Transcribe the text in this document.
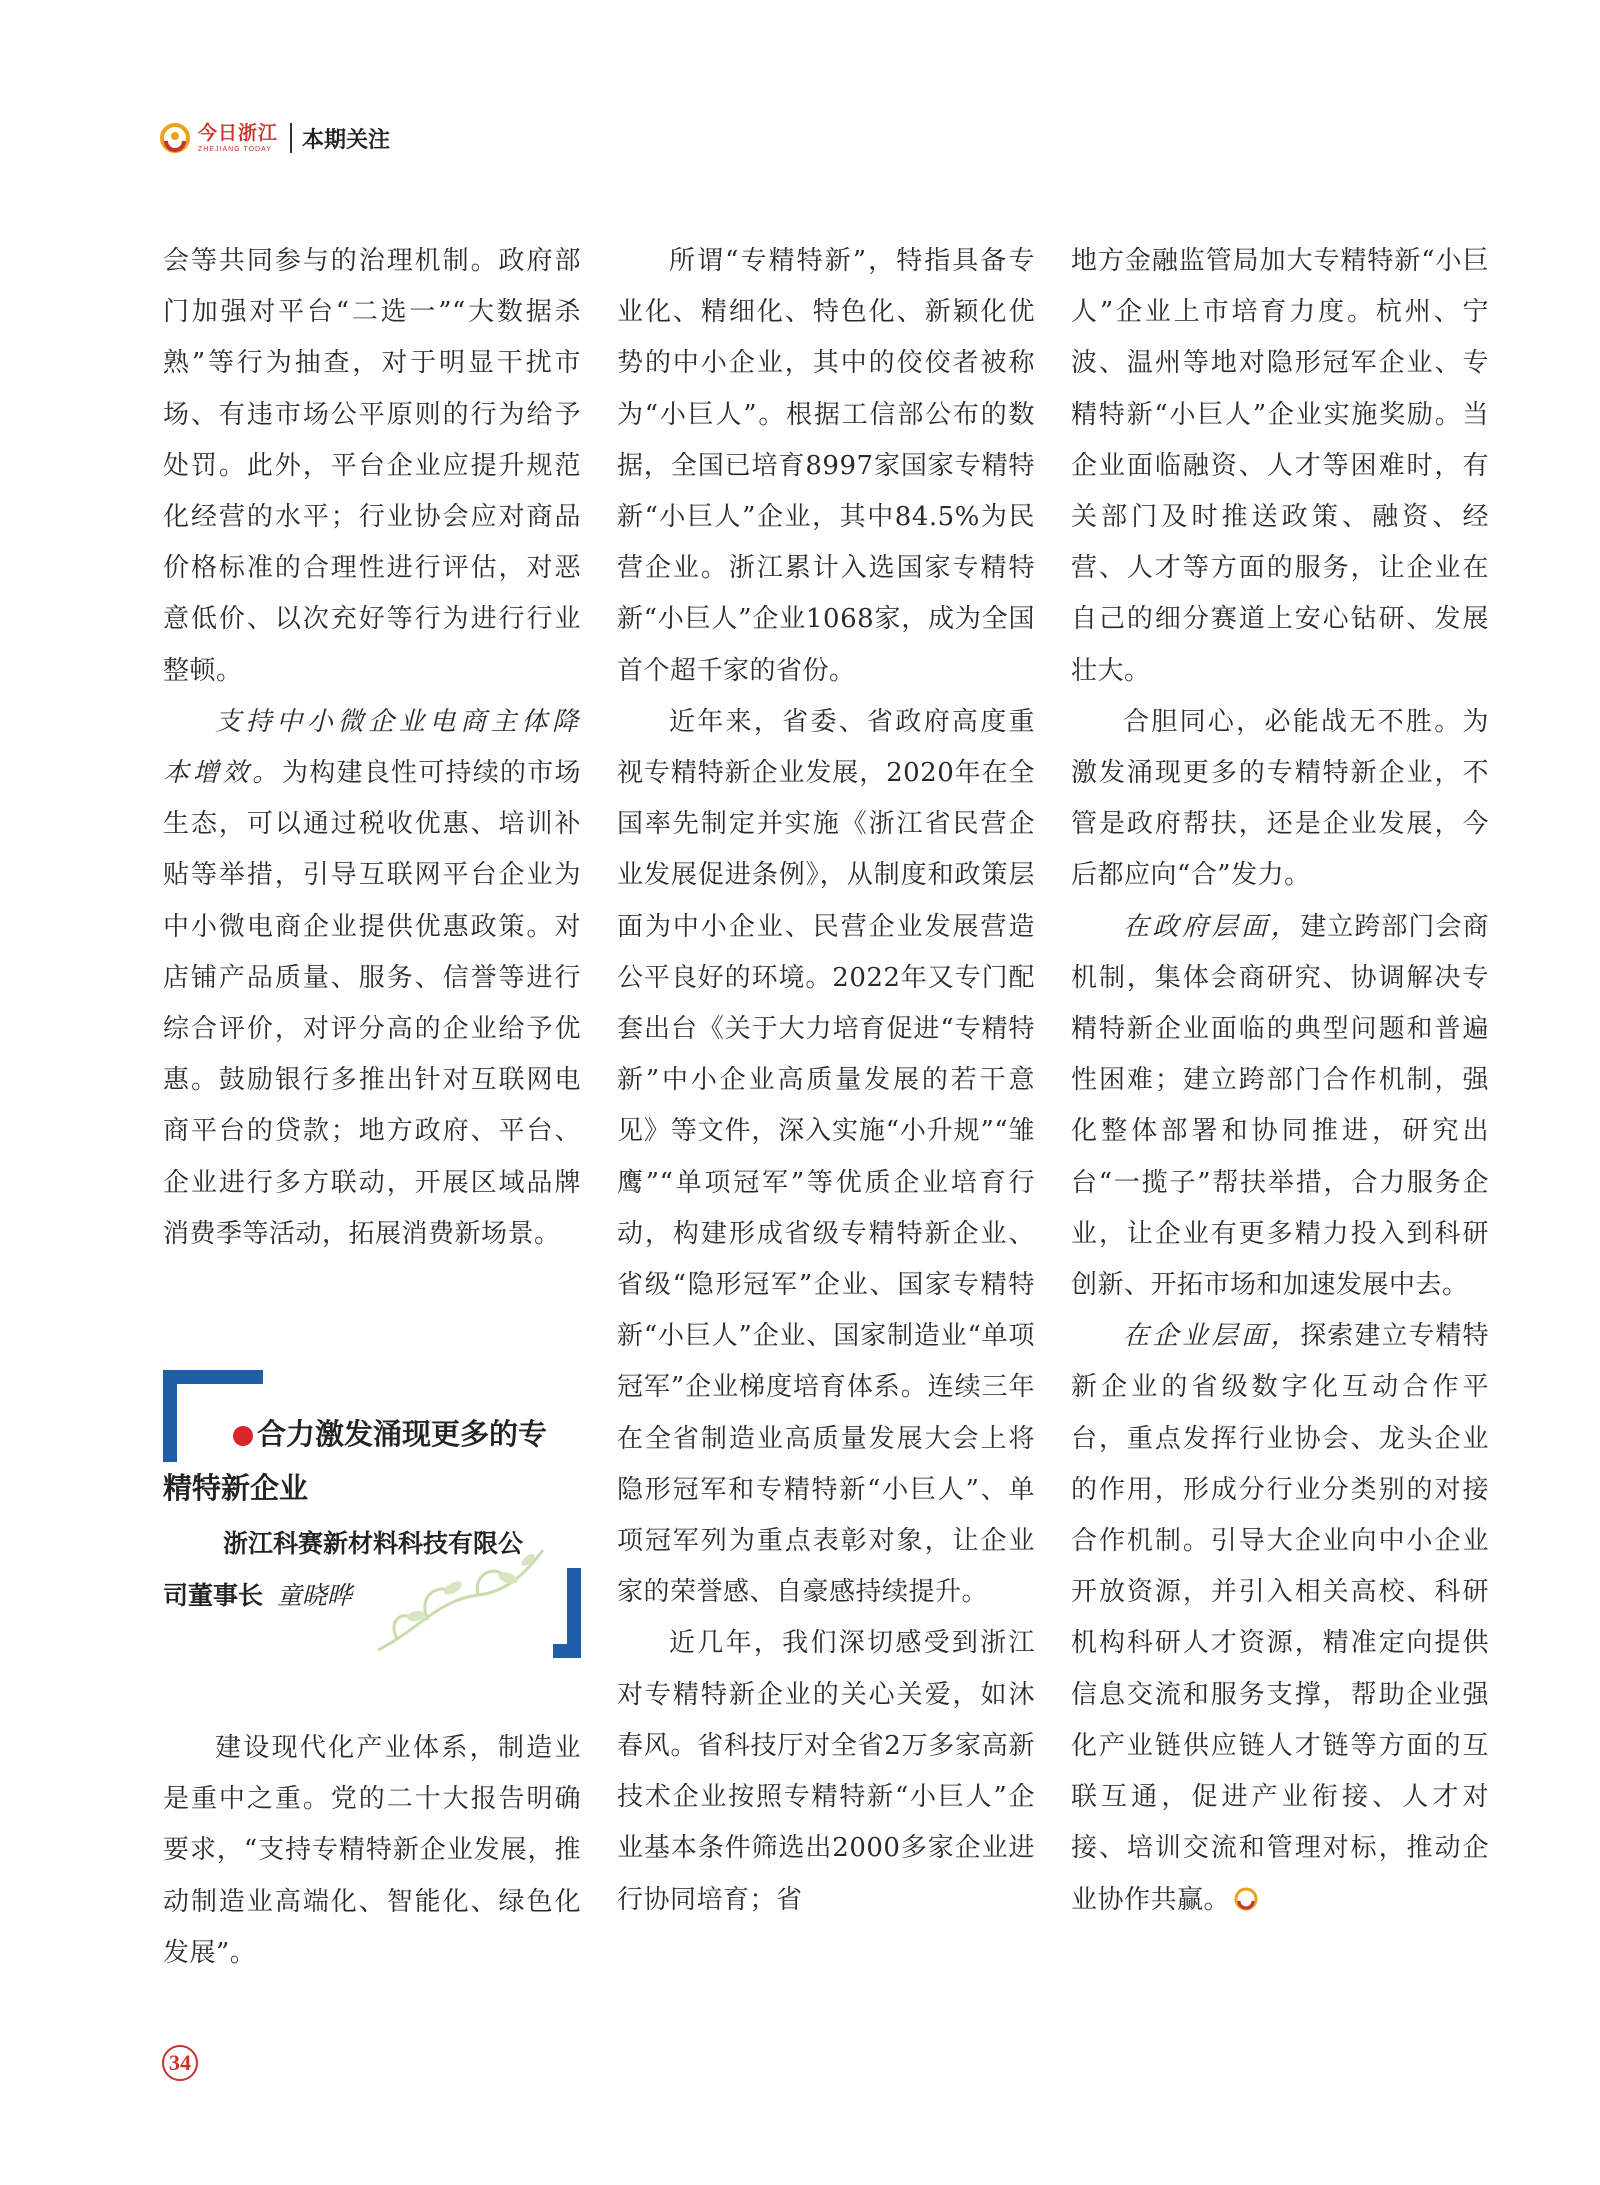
今日浙江
ZHEJIANG TODAY 本期关注

会等共同参与的治理机制。政府部门加强对平台“二选一”“大数据杀熟”等行为抽查，对于明显干扰市场、有违市场公平原则的行为给予处罚。此外，平台企业应提升规范化经营的水平；行业协会应对商品价格标准的合理性进行评估，对恶意低价、以次充好等行为进行行业整顿。

支持中小微企业电商主体降本增效。为构建良性可持续的市场生态，可以通过税收优惠、培训补贴等举措，引导互联网平台企业为中小微电商企业提供优惠政策。对店铺产品质量、服务、信誉等进行综合评价，对评分高的企业给予优惠。鼓励银行多推出针对互联网电商平台的贷款；地方政府、平台、企业进行多方联动，开展区域品牌消费季等活动，拓展消费新场景。

合力激发涌现更多的专
精特新企业
浙江科赛新材料科技有限公
司董事长 童晓晔

建设现代化产业体系，制造业是重中之重。党的二十大报告明确要求，“支持专精特新企业发展，推动制造业高端化、智能化、绿色化发展”。

所谓“专精特新”，特指具备专业化、精细化、特色化、新颖化优势的中小企业，其中的佼佼者被称为“小巨人”。根据工信部公布的数据，全国已培育8997家国家专精特新“小巨人”企业，其中84.5%为民营企业。浙江累计入选国家专精特新“小巨人”企业1068家，成为全国首个超千家的省份。

近年来，省委、省政府高度重视专精特新企业发展，2020年在全国率先制定并实施《浙江省民营企业发展促进条例》，从制度和政策层面为中小企业、民营企业发展营造公平良好的环境。2022年又专门配套出台《关于大力培育促进“专精特新”中小企业高质量发展的若干意见》等文件，深入实施“小升规”“雏鹰”“单项冠军”等优质企业培育行动，构建形成省级专精特新企业、省级“隐形冠军”企业、国家专精特新“小巨人”企业、国家制造业“单项冠军”企业梯度培育体系。连续三年在全省制造业高质量发展大会上将隐形冠军和专精特新“小巨人”、单项冠军列为重点表彰对象，让企业家的荣誉感、自豪感持续提升。

近几年，我们深切感受到浙江对专精特新企业的关心关爱，如沐春风。省科技厅对全省2万多家高新技术企业按照专精特新“小巨人”企业基本条件筛选出2000多家企业进行协同培育；省

地方金融监管局加大专精特新“小巨人”企业上市培育力度。杭州、宁波、温州等地对隐形冠军企业、专精特新“小巨人”企业实施奖励。当企业面临融资、人才等困难时，有关部门及时推送政策、融资、经营、人才等方面的服务，让企业在自己的细分赛道上安心钻研、发展壮大。

合胆同心，必能战无不胜。为激发涌现更多的专精特新企业，不管是政府帮扶，还是企业发展，今后都应向“合”发力。

在政府层面，建立跨部门会商机制，集体会商研究、协调解决专精特新企业面临的典型问题和普遍性困难；建立跨部门合作机制，强化整体部署和协同推进，研究出台“一揽子”帮扶举措，合力服务企业，让企业有更多精力投入到科研创新、开拓市场和加速发展中去。

在企业层面，探索建立专精特新企业的省级数字化互动合作平台，重点发挥行业协会、龙头企业的作用，形成分行业分类别的对接合作机制。引导大企业向中小企业开放资源，并引入相关高校、科研机构科研人才资源，精准定向提供信息交流和服务支撑，帮助企业强化产业链供应链人才链等方面的互联互通，促进产业衔接、人才对接、培训交流和管理对标，推动企业协作共赢。

34
